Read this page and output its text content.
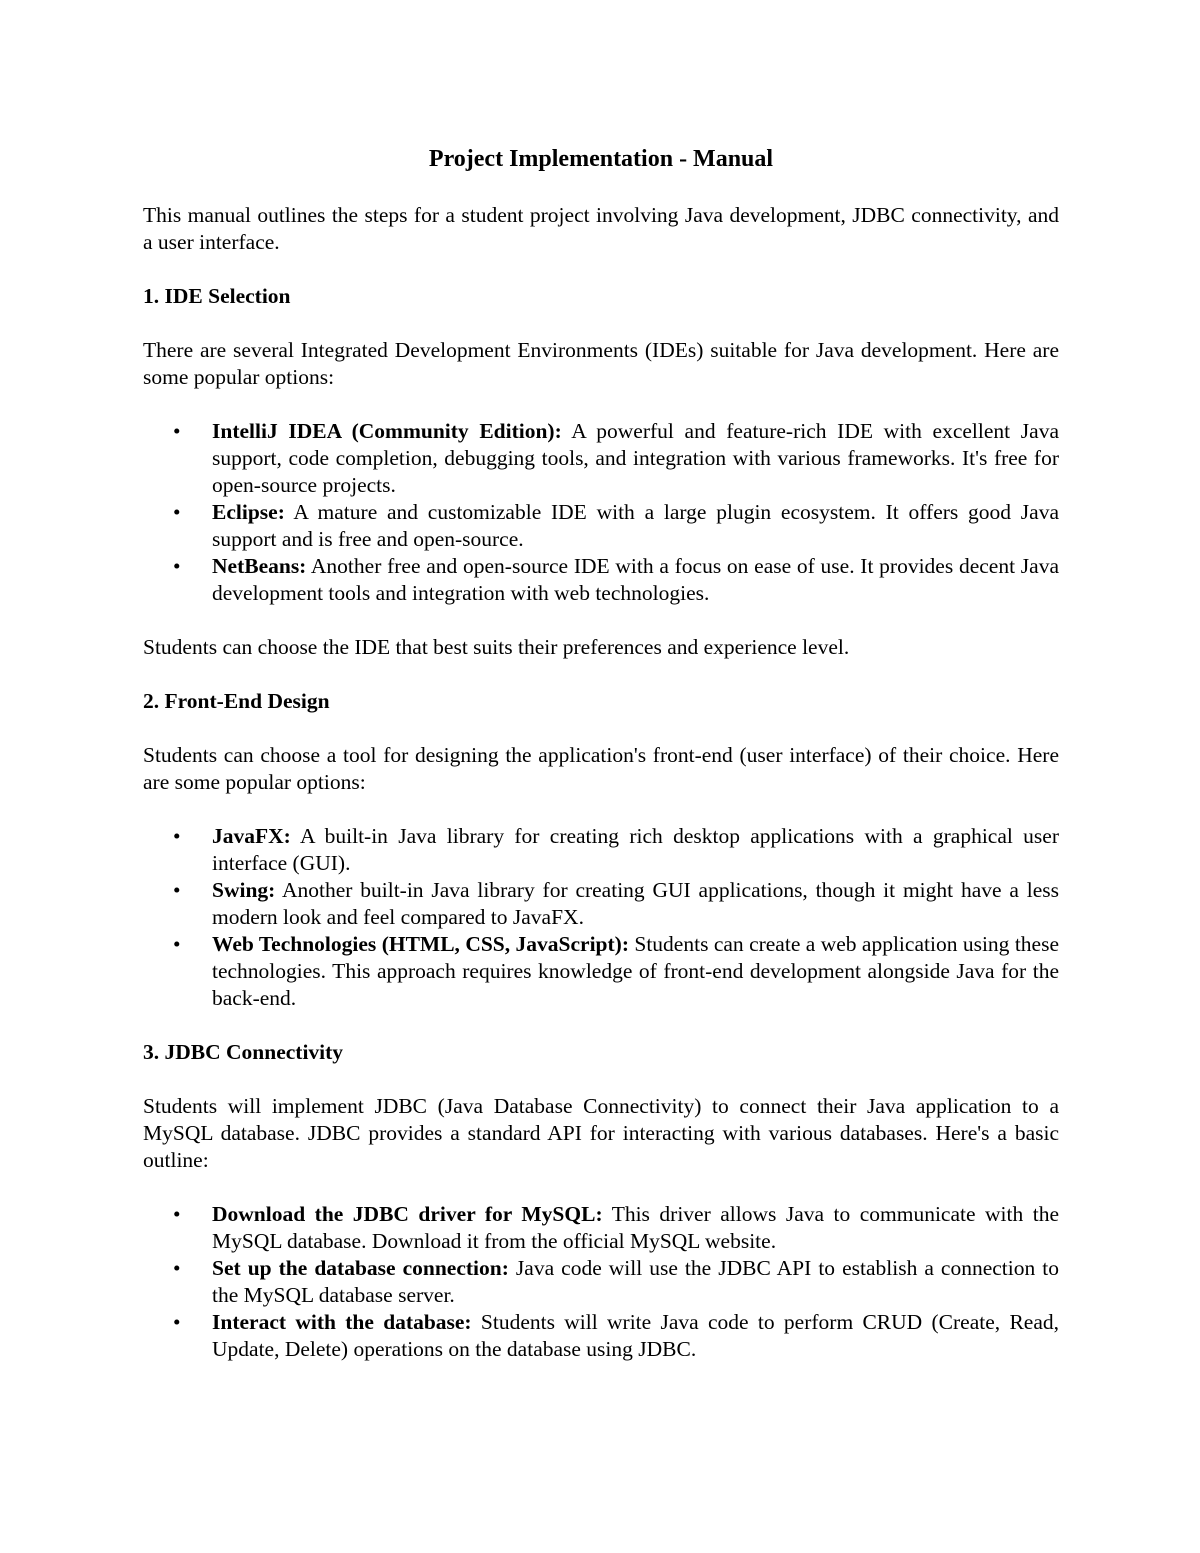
Project Implementation - Manual

This manual outlines the steps for a student project involving Java development, JDBC connectivity, and a user interface.

1. IDE Selection

There are several Integrated Development Environments (IDEs) suitable for Java development. Here are some popular options:

• IntelliJ IDEA (Community Edition): A powerful and feature-rich IDE with excellent Java support, code completion, debugging tools, and integration with various frameworks. It's free for open-source projects.
• Eclipse: A mature and customizable IDE with a large plugin ecosystem. It offers good Java support and is free and open-source.
• NetBeans: Another free and open-source IDE with a focus on ease of use. It provides decent Java development tools and integration with web technologies.

Students can choose the IDE that best suits their preferences and experience level.

2. Front-End Design

Students can choose a tool for designing the application's front-end (user interface) of their choice. Here are some popular options:

• JavaFX: A built-in Java library for creating rich desktop applications with a graphical user interface (GUI).
• Swing: Another built-in Java library for creating GUI applications, though it might have a less modern look and feel compared to JavaFX.
• Web Technologies (HTML, CSS, JavaScript): Students can create a web application using these technologies. This approach requires knowledge of front-end development alongside Java for the back-end.
3. JDBC Connectivity

Students will implement JDBC (Java Database Connectivity) to connect their Java application to a MySQL database. JDBC provides a standard API for interacting with various databases. Here's a basic outline:

• Download the JDBC driver for MySQL: This driver allows Java to communicate with the MySQL database. Download it from the official MySQL website.
• Set up the database connection: Java code will use the JDBC API to establish a connection to the MySQL database server.
• Interact with the database: Students will write Java code to perform CRUD (Create, Read, Update, Delete) operations on the database using JDBC.
